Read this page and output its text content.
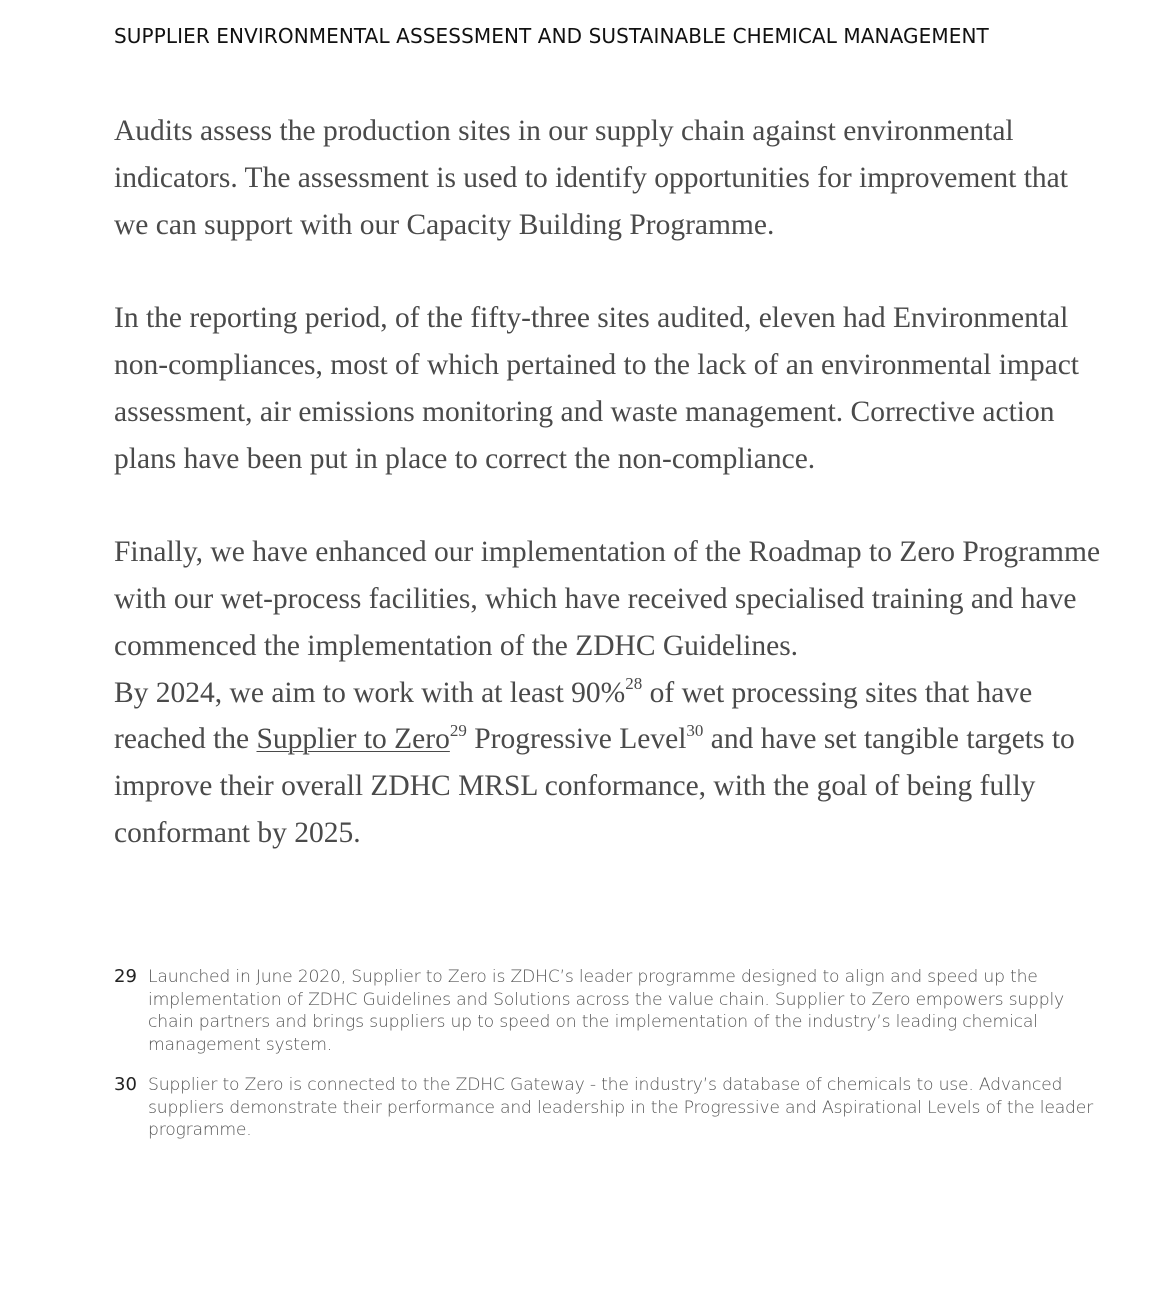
SUPPLIER ENVIRONMENTAL ASSESSMENT AND SUSTAINABLE CHEMICAL MANAGEMENT

Audits assess the production sites in our supply chain against environmental indicators. The assessment is used to identify opportunities for improvement that we can support with our Capacity Building Programme.

In the reporting period, of the fifty-three sites audited, eleven had Environmental non-compliances, most of which pertained to the lack of an environmental impact assessment, air emissions monitoring and waste management. Corrective action plans have been put in place to correct the non-compliance.

Finally, we have enhanced our implementation of the Roadmap to Zero Programme with our wet-process facilities, which have received specialised training and have commenced the implementation of the ZDHC Guidelines.

By 2024, we aim to work with at least 90%$^{28}$ of wet processing sites that have reached the Supplier to Zero$^{29}$ Progressive Level$^{30}$ and have set tangible targets to improve their overall ZDHC MRSL conformance, with the goal of being fully conformant by 2025.

29 Launched in June 2020, Supplier to Zero is ZDHC’s leader programme designed to align and speed up the implementation of ZDHC Guidelines and Solutions across the value chain. Supplier to Zero empowers supply chain partners and brings suppliers up to speed on the implementation of the industry’s leading chemical management system.
30 Supplier to Zero is connected to the ZDHC Gateway - the industry’s database of chemicals to use. Advanced suppliers demonstrate their performance and leadership in the Progressive and Aspirational Levels of the leader programme.
